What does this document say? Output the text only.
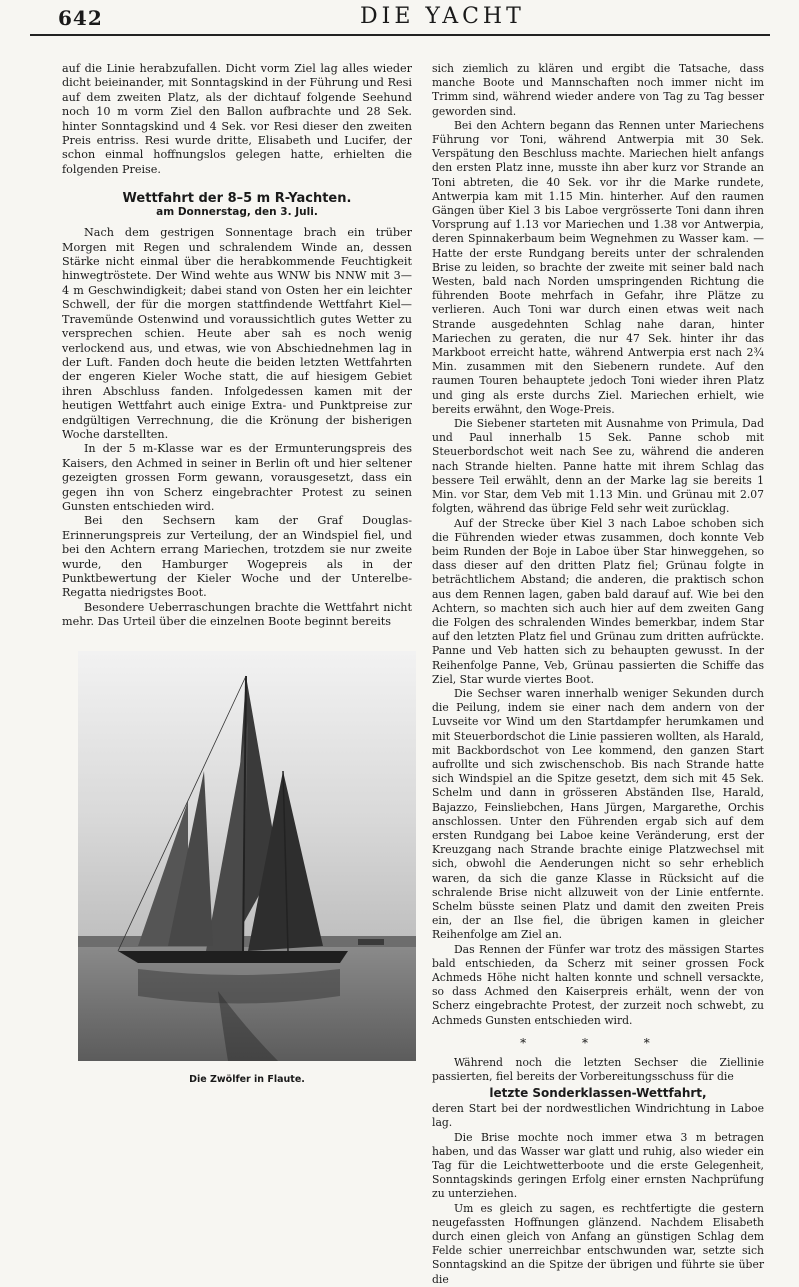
642	DIE YACHT

auf die Linie herabzufallen. Dicht vorm Ziel lag alles wieder dicht beieinander, mit Sonntagskind in der Führung und Resi auf dem zweiten Platz, als der dichtauf folgende Seehund noch 10 m vorm Ziel den Ballon aufbrachte und 28 Sek. hinter Sonntagskind und 4 Sek. vor Resi dieser den zweiten Preis entriss. Resi wurde dritte, Elisabeth und Lucifer, der schon einmal hoffnungslos gelegen hatte, erhielten die folgenden Preise.

Wettfahrt der 8–5 m R-Yachten.

am Donnerstag, den 3. Juli.

Nach dem gestrigen Sonnentage brach ein trüber Morgen mit Regen und schralendem Winde an, dessen Stärke nicht einmal über die herabkommende Feuchtigkeit hinwegtröstete. Der Wind wehte aus WNW bis NNW mit 3—4 m Geschwindigkeit; dabei stand von Osten her ein leichter Schwell, der für die morgen stattfindende Wettfahrt Kiel—Travemünde Ostenwind und voraussichtlich gutes Wetter zu versprechen schien. Heute aber sah es noch wenig verlockend aus, und etwas, wie von Abschiednehmen lag in der Luft. Fanden doch heute die beiden letzten Wettfahrten der engeren Kieler Woche statt, die auf hiesigem Gebiet ihren Abschluss fanden. Infolgedessen kamen mit der heutigen Wettfahrt auch einige Extra- und Punktpreise zur endgültigen Verrechnung, die die Krönung der bisherigen Woche darstellten.

In der 5 m-Klasse war es der Ermunterungspreis des Kaisers, den Achmed in seiner in Berlin oft und hier seltener gezeigten grossen Form gewann, vorausgesetzt, dass ein gegen ihn von Scherz eingebrachter Protest zu seinen Gunsten entschieden wird.

Bei den Sechsern kam der Graf Douglas-Erinnerungspreis zur Verteilung, der an Windspiel fiel, und bei den Achtern errang Mariechen, trotzdem sie nur zweite wurde, den Hamburger Wogepreis als in der Punktbewertung der Kieler Woche und der Unterelbe-Regatta niedrigstes Boot.

Besondere Ueberraschungen brachte die Wettfahrt nicht mehr. Das Urteil über die einzelnen Boote beginnt bereits

Die Zwölfer in Flaute.

sich ziemlich zu klären und ergibt die Tatsache, dass manche Boote und Mannschaften noch immer nicht im Trimm sind, während wieder andere von Tag zu Tag besser geworden sind.

Bei den Achtern begann das Rennen unter Mariechens Führung vor Toni, während Antwerpia mit 30 Sek. Verspätung den Beschluss machte. Mariechen hielt anfangs den ersten Platz inne, musste ihn aber kurz vor Strande an Toni abtreten, die 40 Sek. vor ihr die Marke rundete, Antwerpia kam mit 1.15 Min. hinterher. Auf den raumen Gängen über Kiel 3 bis Laboe vergrösserte Toni dann ihren Vorsprung auf 1.13 vor Mariechen und 1.38 vor Antwerpia, deren Spinnakerbaum beim Wegnehmen zu Wasser kam. — Hatte der erste Rundgang bereits unter der schralenden Brise zu leiden, so brachte der zweite mit seiner bald nach Westen, bald nach Norden umspringenden Richtung die führenden Boote mehrfach in Gefahr, ihre Plätze zu verlieren. Auch Toni war durch einen etwas weit nach Strande ausgedehnten Schlag nahe daran, hinter Mariechen zu geraten, die nur 47 Sek. hinter ihr das Markboot erreicht hatte, während Antwerpia erst nach 2¾ Min. zusammen mit den Siebenern rundete. Auf den raumen Touren behauptete jedoch Toni wieder ihren Platz und ging als erste durchs Ziel. Mariechen erhielt, wie bereits erwähnt, den Woge-Preis.

Die Siebener starteten mit Ausnahme von Primula, Dad und Paul innerhalb 15 Sek. Panne schob mit Steuerbordschot weit nach See zu, während die anderen nach Strande hielten. Panne hatte mit ihrem Schlag das bessere Teil erwählt, denn an der Marke lag sie bereits 1 Min. vor Star, dem Veb mit 1.13 Min. und Grünau mit 2.07 folgten, während das übrige Feld sehr weit zurücklag.

Auf der Strecke über Kiel 3 nach Laboe schoben sich die Führenden wieder etwas zusammen, doch konnte Veb beim Runden der Boje in Laboe über Star hinweggehen, so dass dieser auf den dritten Platz fiel; Grünau folgte in beträchtlichem Abstand; die anderen, die praktisch schon aus dem Rennen lagen, gaben bald darauf auf. Wie bei den Achtern, so machten sich auch hier auf dem zweiten Gang die Folgen des schralenden Windes bemerkbar, indem Star auf den letzten Platz fiel und Grünau zum dritten aufrückte. Panne und Veb hatten sich zu behaupten gewusst. In der Reihenfolge Panne, Veb, Grünau passierten die Schiffe das Ziel, Star wurde viertes Boot.

Die Sechser waren innerhalb weniger Sekunden durch die Peilung, indem sie einer nach dem andern von der Luvseite vor Wind um den Startdampfer herumkamen und mit Steuerbordschot die Linie passieren wollten, als Harald, mit Backbordschot von Lee kommend, den ganzen Start aufrollte und sich zwischenschob. Bis nach Strande hatte sich Windspiel an die Spitze gesetzt, dem sich mit 45 Sek. Schelm und dann in grösseren Abständen Ilse, Harald, Bajazzo, Feinsliebchen, Hans Jürgen, Margarethe, Orchis anschlossen. Unter den Führenden ergab sich auf dem ersten Rundgang bei Laboe keine Veränderung, erst der Kreuzgang nach Strande brachte einige Platzwechsel mit sich, obwohl die Aenderungen nicht so sehr erheblich waren, da sich die ganze Klasse in Rücksicht auf die schralende Brise nicht allzuweit von der Linie entfernte. Schelm büsste seinen Platz und damit den zweiten Preis ein, der an Ilse fiel, die übrigen kamen in gleicher Reihenfolge am Ziel an.

Das Rennen der Fünfer war trotz des mässigen Startes bald entschieden, da Scherz mit seiner grossen Fock Achmeds Höhe nicht halten konnte und schnell versackte, so dass Achmed den Kaiserpreis erhält, wenn der von Scherz eingebrachte Protest, der zurzeit noch schwebt, zu Achmeds Gunsten entschieden wird.

* * *

Während noch die letzten Sechser die Ziellinie passierten, fiel bereits der Vorbereitungsschuss für die

letzte Sonderklassen-Wettfahrt,

deren Start bei der nordwestlichen Windrichtung in Laboe lag.

Die Brise mochte noch immer etwa 3 m betragen haben, und das Wasser war glatt und ruhig, also wieder ein Tag für die Leichtwetterboote und die erste Gelegenheit, Sonntagskinds geringen Erfolg einer ernsten Nachprüfung zu unterziehen.

Um es gleich zu sagen, es rechtfertigte die gestern neugefassten Hoffnungen glänzend. Nachdem Elisabeth durch einen gleich von Anfang an günstigen Schlag dem Felde schier unerreichbar entschwunden war, setzte sich Sonntagskind an die Spitze der übrigen und führte sie über die
